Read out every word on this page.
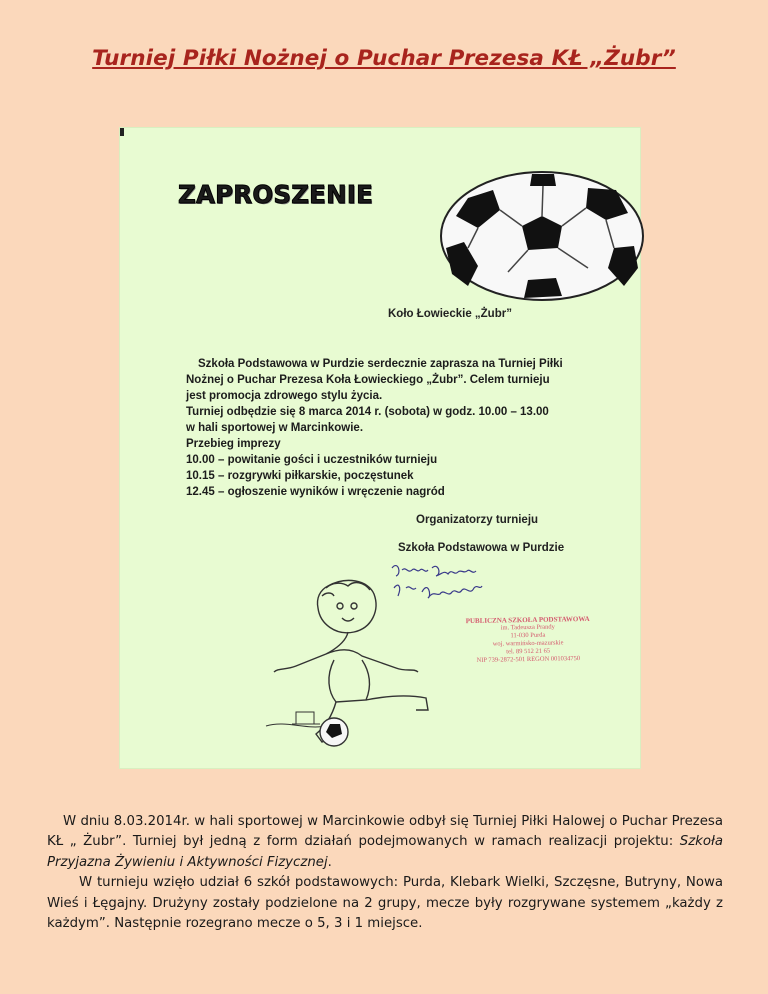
Turniej Piłki Nożnej o Puchar Prezesa KŁ „Żubr”
ZAPROSZENIE
Koło Łowieckie „Żubr”
Szkoła Podstawowa w Purdzie serdecznie zaprasza na Turniej Piłki
Nożnej o Puchar Prezesa Koła Łowieckiego „Żubr”. Celem turnieju
jest promocja zdrowego stylu życia.
Turniej odbędzie się 8 marca 2014 r. (sobota) w godz. 10.00 – 13.00
w hali sportowej w Marcinkowie.
Przebieg imprezy
10.00 – powitanie gości i uczestników turnieju
10.15 – rozgrywki piłkarskie, poczęstunek
12.45 – ogłoszenie wyników i wręczenie nagród
Organizatorzy turnieju
Szkoła Podstawowa w Purdzie
PUBLICZNA SZKOŁA PODSTAWOWA
im. Tadeusza Prandy
11-030 Purda
woj. warmińsko-mazurskie
tel. 89 512 21 65
NIP 739-2872-501 REGON 001034750

W dniu 8.03.2014r. w hali sportowej w Marcinkowie odbył się Turniej Piłki Halowej o Puchar Prezesa KŁ „ Żubr”. Turniej był jedną z form działań podejmowanych w ramach realizacji projektu: Szkoła Przyjazna Żywieniu i Aktywności Fizycznej.

W turnieju wzięło udział 6 szkół podstawowych: Purda, Klebark Wielki, Szczęsne, Butryny, Nowa Wieś i Łęgajny. Drużyny zostały podzielone na 2 grupy, mecze były rozgrywane systemem „każdy z każdym”. Następnie rozegrano mecze o 5, 3 i 1 miejsce.
